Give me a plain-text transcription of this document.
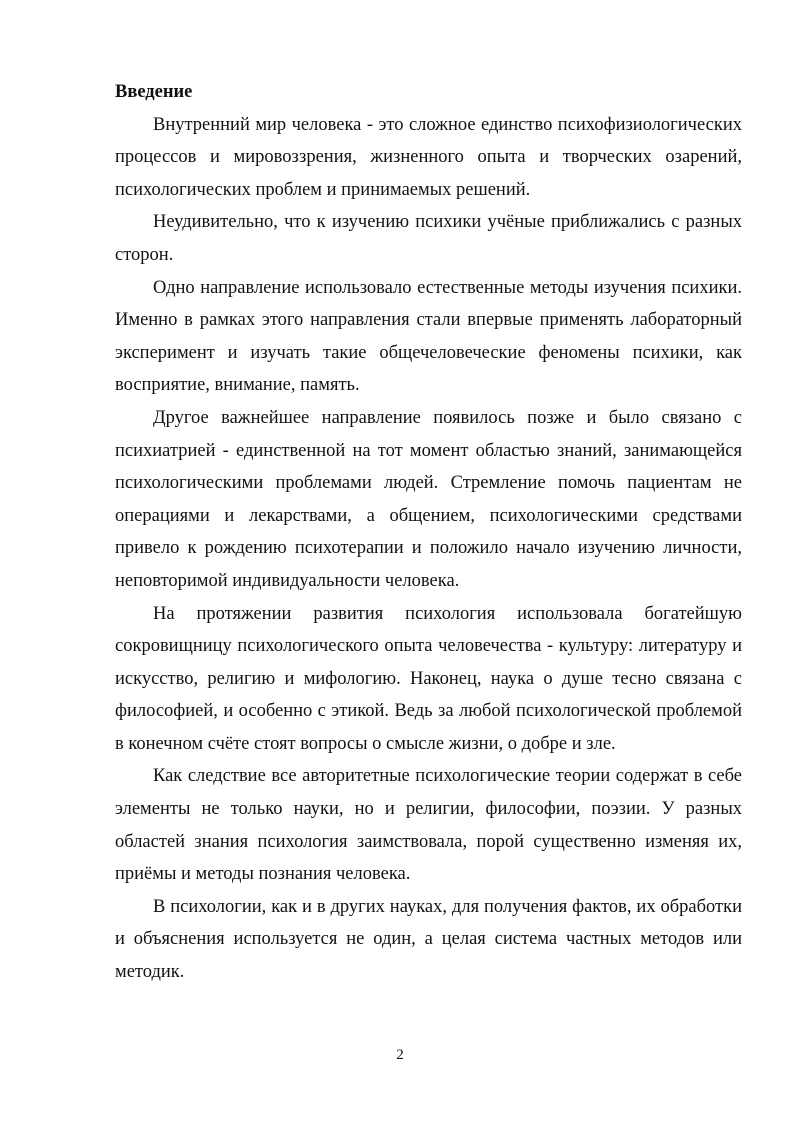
Введение

Внутренний мир человека - это сложное единство психофизиологических процессов и мировоззрения, жизненного опыта и творческих озарений, психологических проблем и принимаемых решений.

Неудивительно, что к изучению психики учёные приближались с разных сторон.

Одно направление использовало естественные методы изучения психики. Именно в рамках этого направления стали впервые применять лабораторный эксперимент и изучать такие общечеловеческие феномены психики, как восприятие, внимание, память.

Другое важнейшее направление появилось позже и было связано с психиатрией - единственной на тот момент областью знаний, занимающейся психологическими проблемами людей. Стремление помочь пациентам не операциями и лекарствами, а общением, психологическими средствами привело к рождению психотерапии и положило начало изучению личности, неповторимой индивидуальности человека.

На протяжении развития психология использовала богатейшую сокровищницу психологического опыта человечества - культуру: литературу и искусство, религию и мифологию. Наконец, наука о душе тесно связана с философией, и особенно с этикой. Ведь за любой психологической проблемой в конечном счёте стоят вопросы о смысле жизни, о добре и зле.

Как следствие все авторитетные психологические теории содержат в себе элементы не только науки, но и религии, философии, поэзии. У разных областей знания психология заимствовала, порой существенно изменяя их, приёмы и методы познания человека.

В психологии, как и в других науках, для получения фактов, их обработки и объяснения используется не один, а целая система частных методов или методик.

2
